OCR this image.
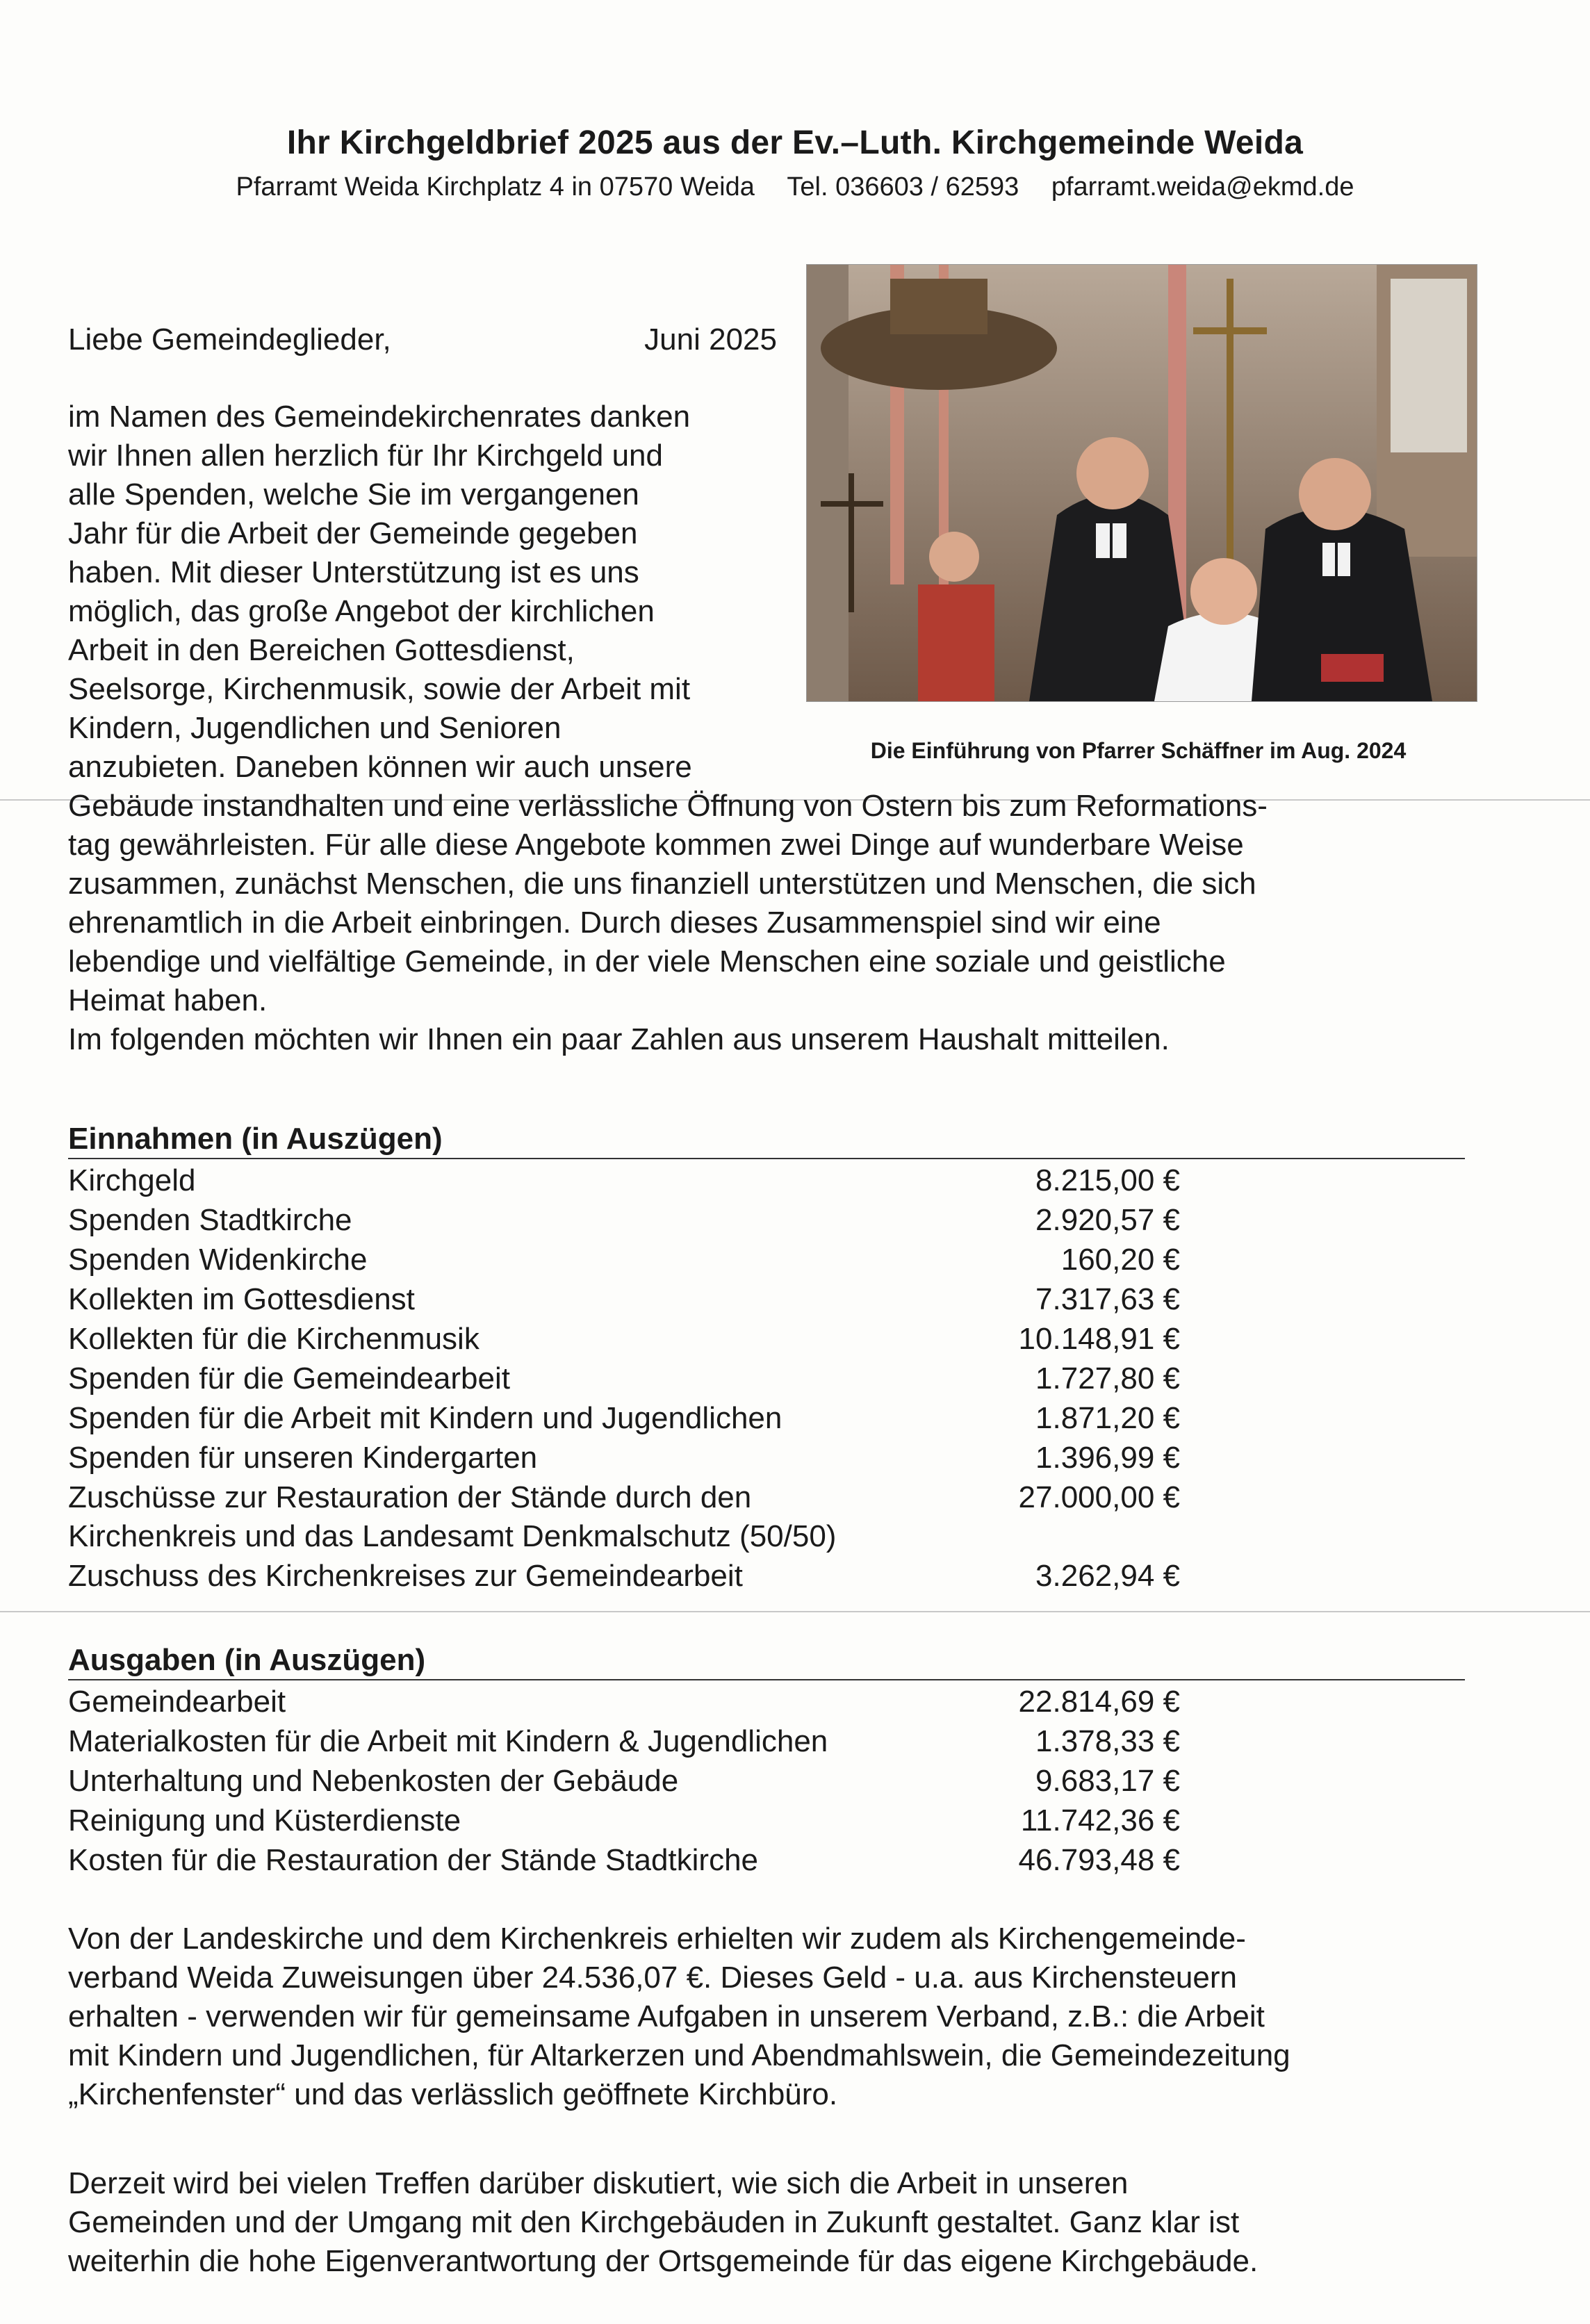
Ihr Kirchgeldbrief 2025 aus der Ev.–Luth. Kirchgemeinde Weida
Pfarramt Weida Kirchplatz 4 in 07570 Weida Tel. 036603 / 62593 pfarramt.weida@ekmd.de
Liebe Gemeindeglieder,	Juni 2025
Die Einführung von Pfarrer Schäffner im Aug. 2024

im Namen des Gemeindekirchenrates danken

wir Ihnen allen herzlich für Ihr Kirchgeld und

alle Spenden, welche Sie im vergangenen

Jahr für die Arbeit der Gemeinde gegeben

haben. Mit dieser Unterstützung ist es uns

möglich, das große Angebot der kirchlichen

Arbeit in den Bereichen Gottesdienst,

Seelsorge, Kirchenmusik, sowie der Arbeit mit

Kindern, Jugendlichen und Senioren

anzubieten. Daneben können wir auch unsere

Gebäude instandhalten und eine verlässliche Öffnung von Ostern bis zum Reformations-

tag gewährleisten. Für alle diese Angebote kommen zwei Dinge auf wunderbare Weise

zusammen, zunächst Menschen, die uns finanziell unterstützen und Menschen, die sich

ehrenamtlich in die Arbeit einbringen. Durch dieses Zusammenspiel sind wir eine

lebendige und vielfältige Gemeinde, in der viele Menschen eine soziale und geistliche

Heimat haben.

Im folgenden möchten wir Ihnen ein paar Zahlen aus unserem Haushalt mitteilen.

Einnahmen (in Auszügen)
Kirchgeld	8.215,00 €
Spenden Stadtkirche	2.920,57 €
Spenden Widenkirche	160,20 €
Kollekten im Gottesdienst	7.317,63 €
Kollekten für die Kirchenmusik	10.148,91 €
Spenden für die Gemeindearbeit	1.727,80 €
Spenden für die Arbeit mit Kindern und Jugendlichen	1.871,20 €
Spenden für unseren Kindergarten	1.396,99 €
Zuschüsse zur Restauration der Stände durch den
Kirchenkreis und das Landesamt Denkmalschutz (50/50)
27.000,00 €
Zuschuss des Kirchenkreises zur Gemeindearbeit	3.262,94 €
Ausgaben (in Auszügen)
Gemeindearbeit	22.814,69 €
Materialkosten für die Arbeit mit Kindern & Jugendlichen	1.378,33 €
Unterhaltung und Nebenkosten der Gebäude	9.683,17 €
Reinigung und Küsterdienste	11.742,36 €
Kosten für die Restauration der Stände Stadtkirche	46.793,48 €

Von der Landeskirche und dem Kirchenkreis erhielten wir zudem als Kirchengemeinde-

verband Weida Zuweisungen über 24.536,07 €. Dieses Geld - u.a. aus Kirchensteuern

erhalten - verwenden wir für gemeinsame Aufgaben in unserem Verband, z.B.: die Arbeit

mit Kindern und Jugendlichen, für Altarkerzen und Abendmahlswein, die Gemeindezeitung

„Kirchenfenster“ und das verlässlich geöffnete Kirchbüro.

Derzeit wird bei vielen Treffen darüber diskutiert, wie sich die Arbeit in unseren

Gemeinden und der Umgang mit den Kirchgebäuden in Zukunft gestaltet. Ganz klar ist

weiterhin die hohe Eigenverantwortung der Ortsgemeinde für das eigene Kirchgebäude.
